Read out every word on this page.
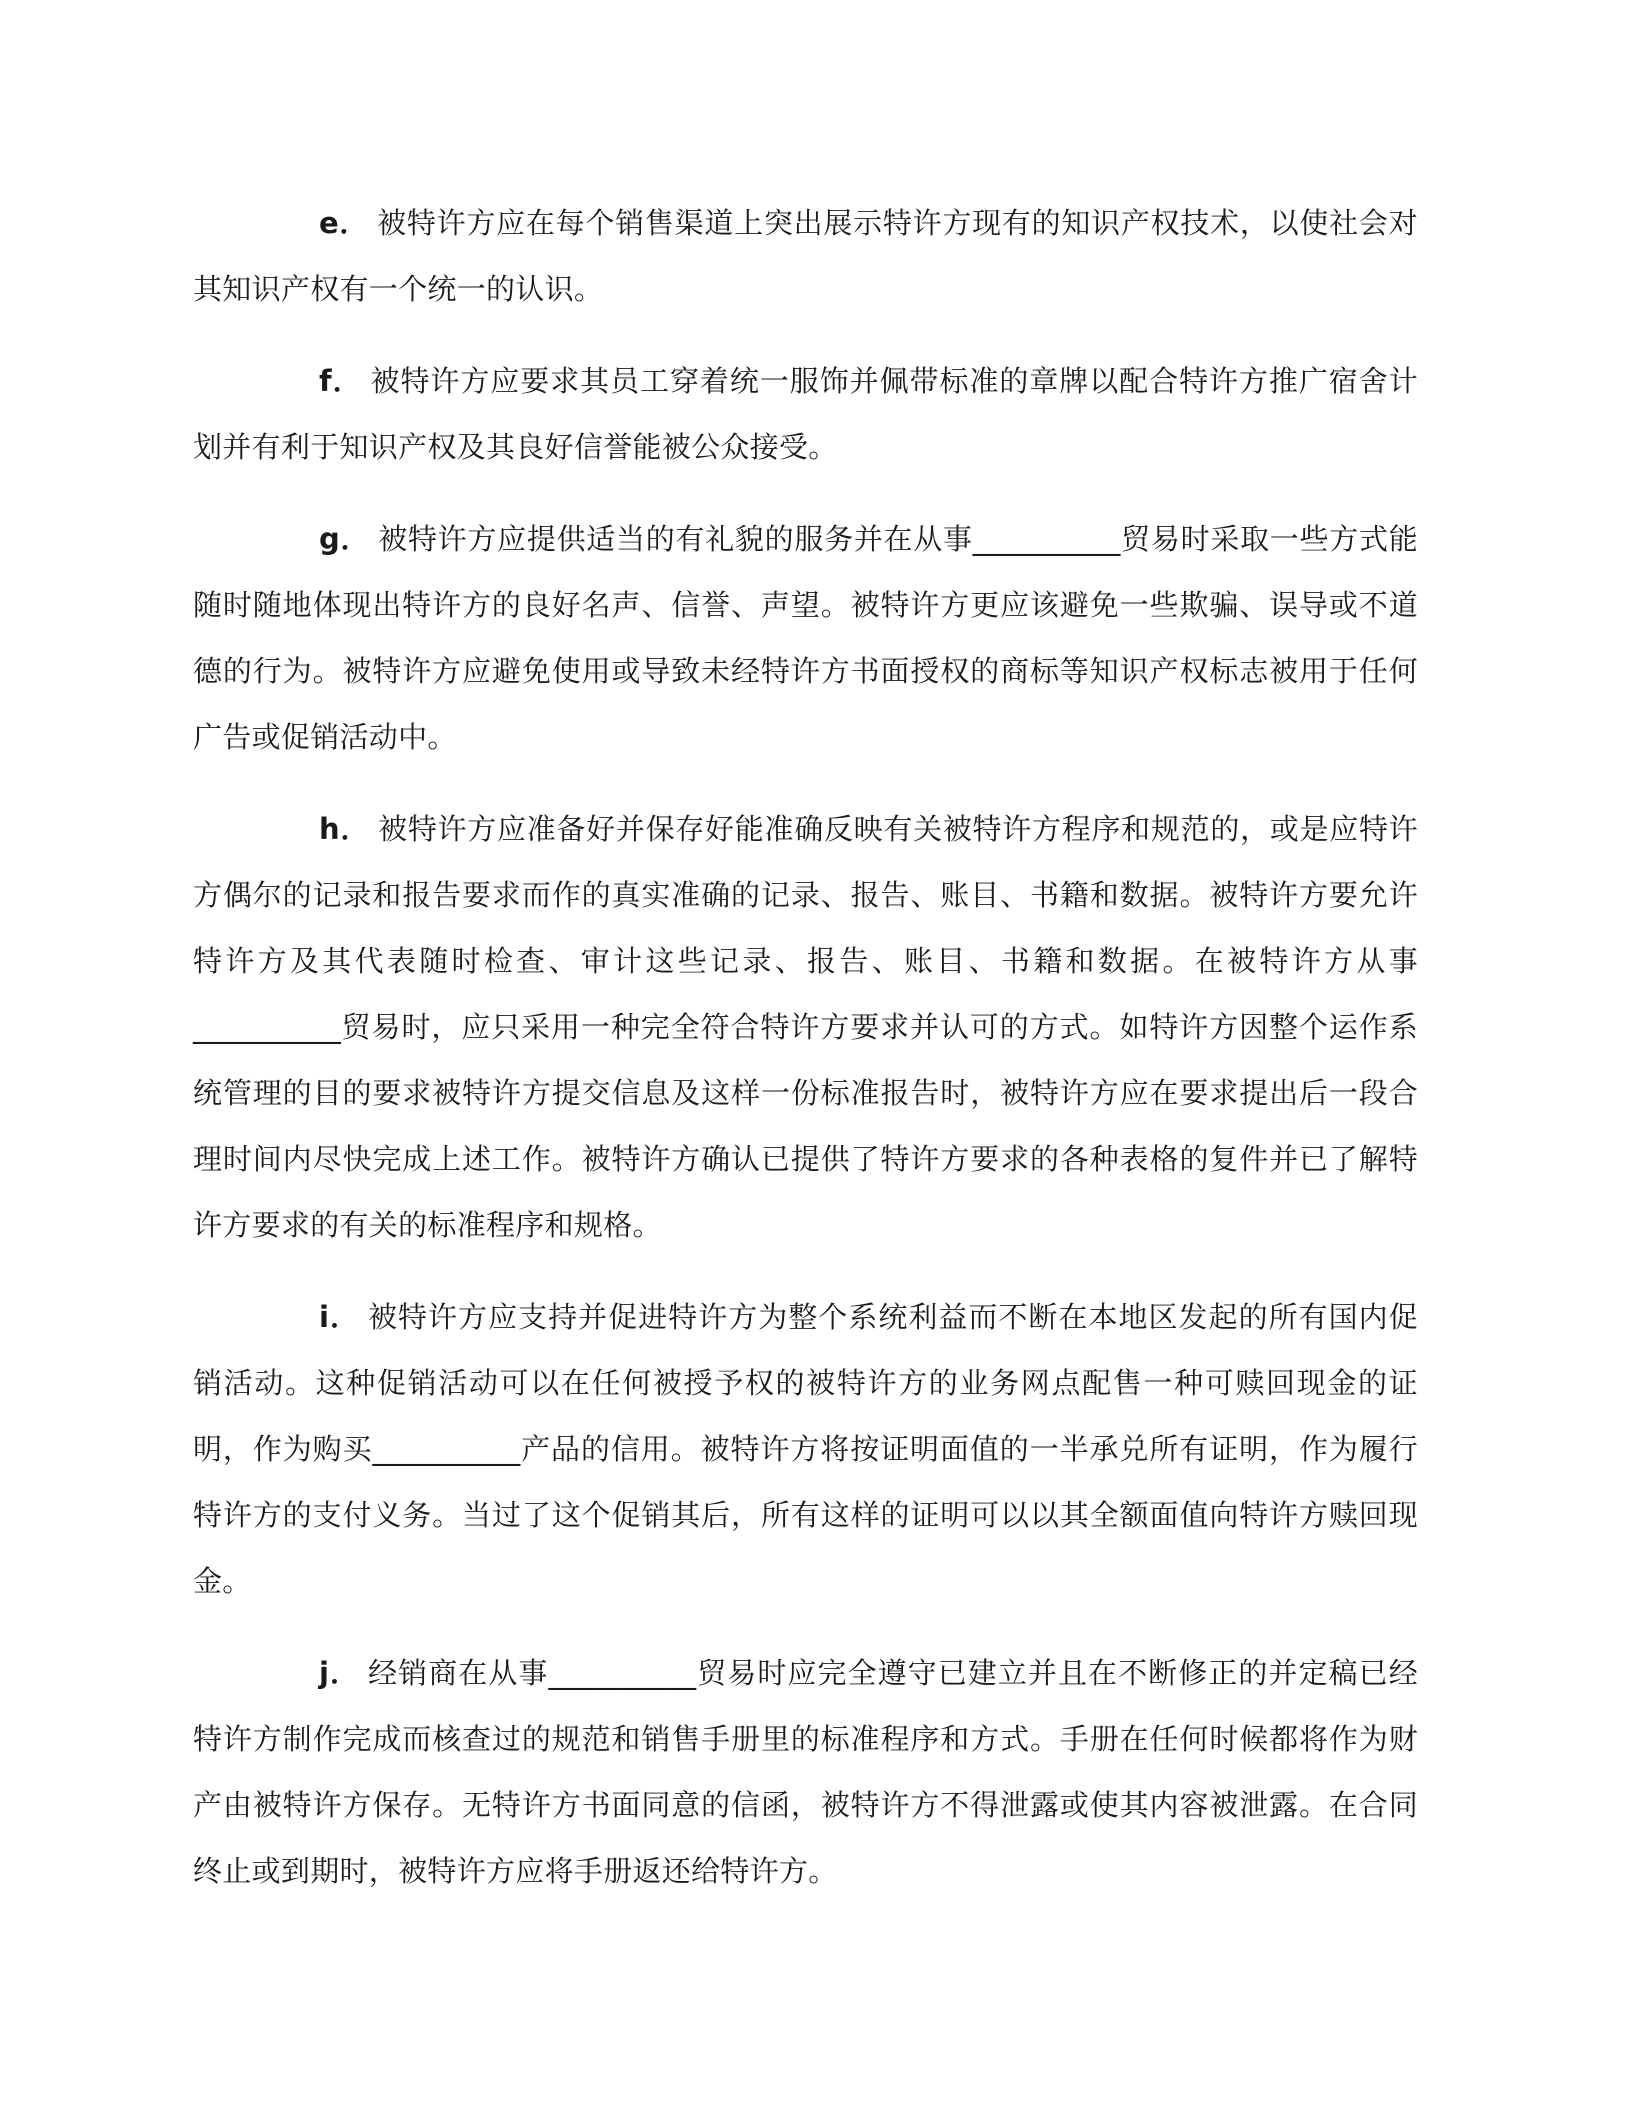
e． 被特许方应在每个销售渠道上突出展示特许方现有的知识产权技术，以使社会对其知识产权有一个统一的认识。

f． 被特许方应要求其员工穿着统一服饰并佩带标准的章牌以配合特许方推广宿舍计划并有利于知识产权及其良好信誉能被公众接受。

g． 被特许方应提供适当的有礼貌的服务并在从事__________贸易时采取一些方式能随时随地体现出特许方的良好名声、信誉、声望。被特许方更应该避免一些欺骗、误导或不道德的行为。被特许方应避免使用或导致未经特许方书面授权的商标等知识产权标志被用于任何广告或促销活动中。

h． 被特许方应准备好并保存好能准确反映有关被特许方程序和规范的，或是应特许方偶尔的记录和报告要求而作的真实准确的记录、报告、账目、书籍和数据。被特许方要允许特许方及其代表随时检查、审计这些记录、报告、账目、书籍和数据。在被特许方从事__________贸易时，应只采用一种完全符合特许方要求并认可的方式。如特许方因整个运作系统管理的目的要求被特许方提交信息及这样一份标准报告时，被特许方应在要求提出后一段合理时间内尽快完成上述工作。被特许方确认已提供了特许方要求的各种表格的复件并已了解特许方要求的有关的标准程序和规格。

i． 被特许方应支持并促进特许方为整个系统利益而不断在本地区发起的所有国内促销活动。这种促销活动可以在任何被授予权的被特许方的业务网点配售一种可赎回现金的证明，作为购买__________产品的信用。被特许方将按证明面值的一半承兑所有证明，作为履行特许方的支付义务。当过了这个促销其后，所有这样的证明可以以其全额面值向特许方赎回现金。

j． 经销商在从事__________贸易时应完全遵守已建立并且在不断修正的并定稿已经特许方制作完成而核查过的规范和销售手册里的标准程序和方式。手册在任何时候都将作为财产由被特许方保存。无特许方书面同意的信函，被特许方不得泄露或使其内容被泄露。在合同终止或到期时，被特许方应将手册返还给特许方。
